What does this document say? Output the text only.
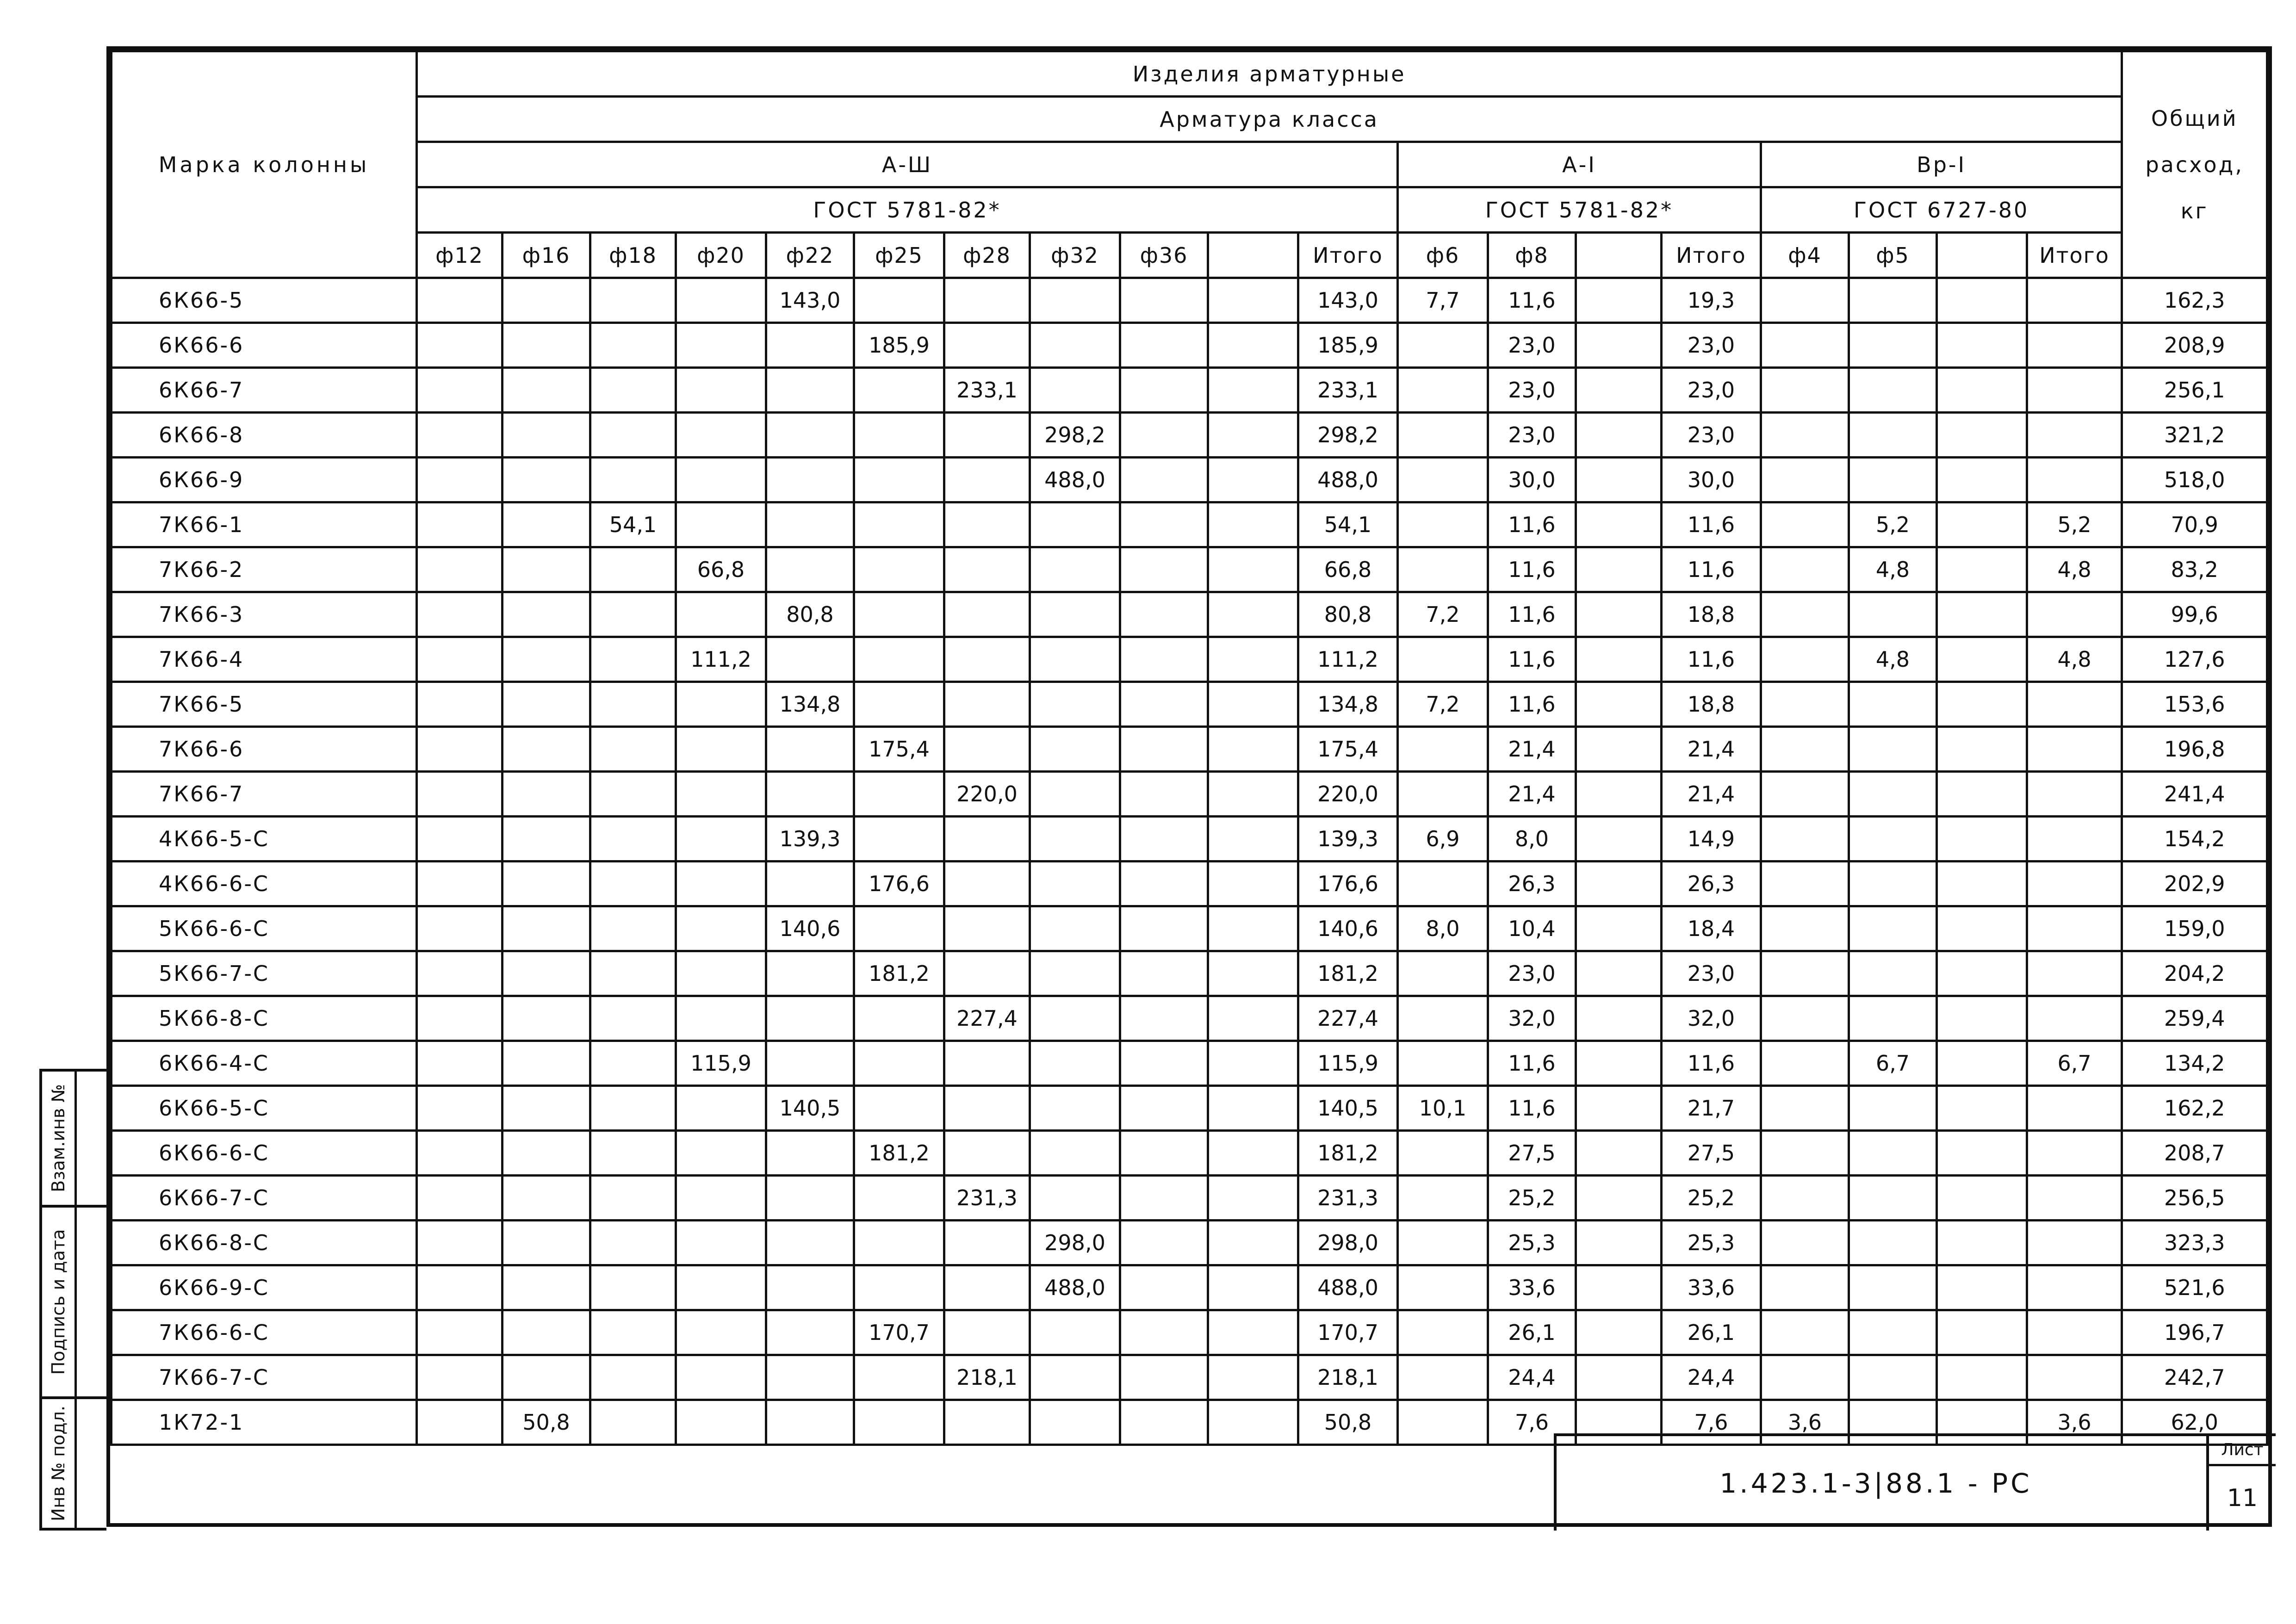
Марка колонны	Изделия арматурные																			Общий расход, кг
	Арматура класса																			
	А-Ш											А-I				Вр-I				
	ГОСТ 5781-82*											ГОСТ 5781-82*				ГОСТ 6727-80				
	ф12	ф16	ф18	ф20	ф22	ф25	ф28	ф32	ф36		Итого	ф6	ф8		Итого	ф4	ф5		Итого	
6К66-5					143,0						143,0	7,7	11,6		19,3					162,3
6К66-6						185,9					185,9		23,0		23,0					208,9
6К66-7							233,1				233,1		23,0		23,0					256,1
6К66-8								298,2			298,2		23,0		23,0					321,2
6К66-9								488,0			488,0		30,0		30,0					518,0
7К66-1			54,1								54,1		11,6		11,6		5,2		5,2	70,9
7К66-2				66,8							66,8		11,6		11,6		4,8		4,8	83,2
7К66-3					80,8						80,8	7,2	11,6		18,8					99,6
7К66-4				111,2							111,2		11,6		11,6		4,8		4,8	127,6
7К66-5					134,8						134,8	7,2	11,6		18,8					153,6
7К66-6						175,4					175,4		21,4		21,4					196,8
7К66-7							220,0				220,0		21,4		21,4					241,4
4К66-5-С					139,3						139,3	6,9	8,0		14,9					154,2
4К66-6-С						176,6					176,6		26,3		26,3					202,9
5К66-6-С					140,6						140,6	8,0	10,4		18,4					159,0
5К66-7-С						181,2					181,2		23,0		23,0					204,2
5К66-8-С							227,4				227,4		32,0		32,0					259,4
6К66-4-С				115,9							115,9		11,6		11,6		6,7		6,7	134,2
6К66-5-С					140,5						140,5	10,1	11,6		21,7					162,2
6К66-6-С						181,2					181,2		27,5		27,5					208,7
6К66-7-С							231,3				231,3		25,2		25,2					256,5
6К66-8-С								298,0			298,0		25,3		25,3					323,3
6К66-9-С								488,0			488,0		33,6		33,6					521,6
7К66-6-С						170,7					170,7		26,1		26,1					196,7
7К66-7-С							218,1				218,1		24,4		24,4					242,7
1К72-1		50,8									50,8		7,6		7,6	3,6			3,6	62,0
1.423.1-3|88.1 - РС
Лист
11
Взам.инв №
Подпись и дата
Инв № подл.
